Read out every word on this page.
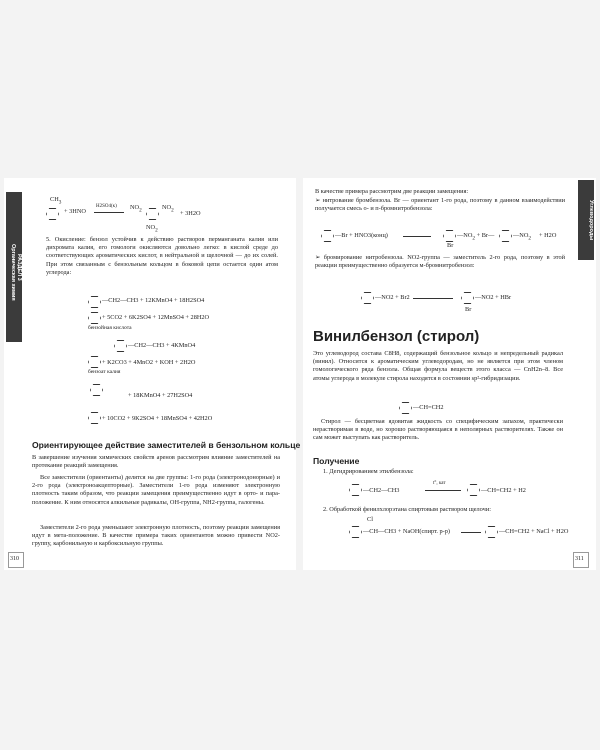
РАЗДЕЛ 3
Органическая химия
$CH_3$
+ 3HNO
H2SO4(к) $NO_2$	$NO_2$
$NO_2$
+ 3H2O

5. Окисление: бензол устойчив к действию растворов перманганата калия или дихромата калия, его гомологи окисляются довольно легко: в кислой среде до соответствующих ароматических кислот, в нейтральной и щелочной — до их солей. При этом связанным с бензольным кольцом в боковой цепи остается один атом углерода:

—CH2—CH3 + 12KMnO4 + 18H2SO4
+ 5CO2 + 6K2SO4 + 12MnSO4 + 28H2O
бензойная кислота
—CH2—CH3 + 4KMnO4
+ K2CO3 + 4MnO2 + KOH + 2H2O
бензоат калия
+ 18KMnO4 + 27H2SO4
+ 10CO2 + 9K2SO4 + 18MnSO4 + 42H2O
Ориентирующее действие заместителей в бензольном кольце

В завершение изучения химических свойств аренов рассмотрим влияние заместителей на протекание реакций замещения.

Все заместители (ориентанты) делятся на две группы: 1-го рода (электронодонорные) и 2-го рода (электроноакцепторные). Заместители 1-го рода изменяют электронную плотность таким образом, что реакции замещения преимущественно идут в орто- и пара-положение. К ним относятся алкильные радикалы, OH-группа, NH2-группа, галогены.

Заместители 2-го рода уменьшают электронную плотность, поэтому реакции замещения идут в мета-положение. В качестве примера таких ориентантов можно привести NO2-группу, карбонильную и карбоксильную группы.

310
Углеводороды

В качестве примера рассмотрим две реакции замещения:

➢ нитрование бромбензола. Br — ориентант 1-го рода, поэтому в данном взаимодействии получается смесь о- и п-бромнитробензола:

—Br + HNO3(конц)	$—NO_2$ + Br—	$—NO_2 + H2O$
Br

➢ бромирование нитробензола. NO2-группа — заместитель 2-го рода, поэтому в этой реакции преимущественно образуется м-бромнитробензол:

—NO2 + Br2	—NO2 + HBr
Br
Винилбензол (стирол)

Это углеводород состава C8H8, содержащий бензольное кольцо и непредельный радикал (винил). Относится к ароматическим углеводородам, но не является при этом членом гомологического ряда бензола. Общая формула веществ этого класса — CnH2n–8. Все атомы углерода в молекуле стирола находятся в состоянии sp²-гибридизации.

—CH=CH2

Стирол — бесцветная ядовитая жидкость со специфическим запахом, практически нерастворимая в воде, но хорошо растворяющаяся в неполярных растворителях. Также он сам может выступать как растворитель.

Получение
1. Дегидрированием этилбензола:
—CH2—CH3
t°, кат
—CH=CH2 + H2
2. Обработкой фенилхлорэтана спиртовым раствором щелочи:
Cl
—CH—CH3 + NaOH(спирт. р-р)	—CH=CH2 + NaCl + H2O
311
